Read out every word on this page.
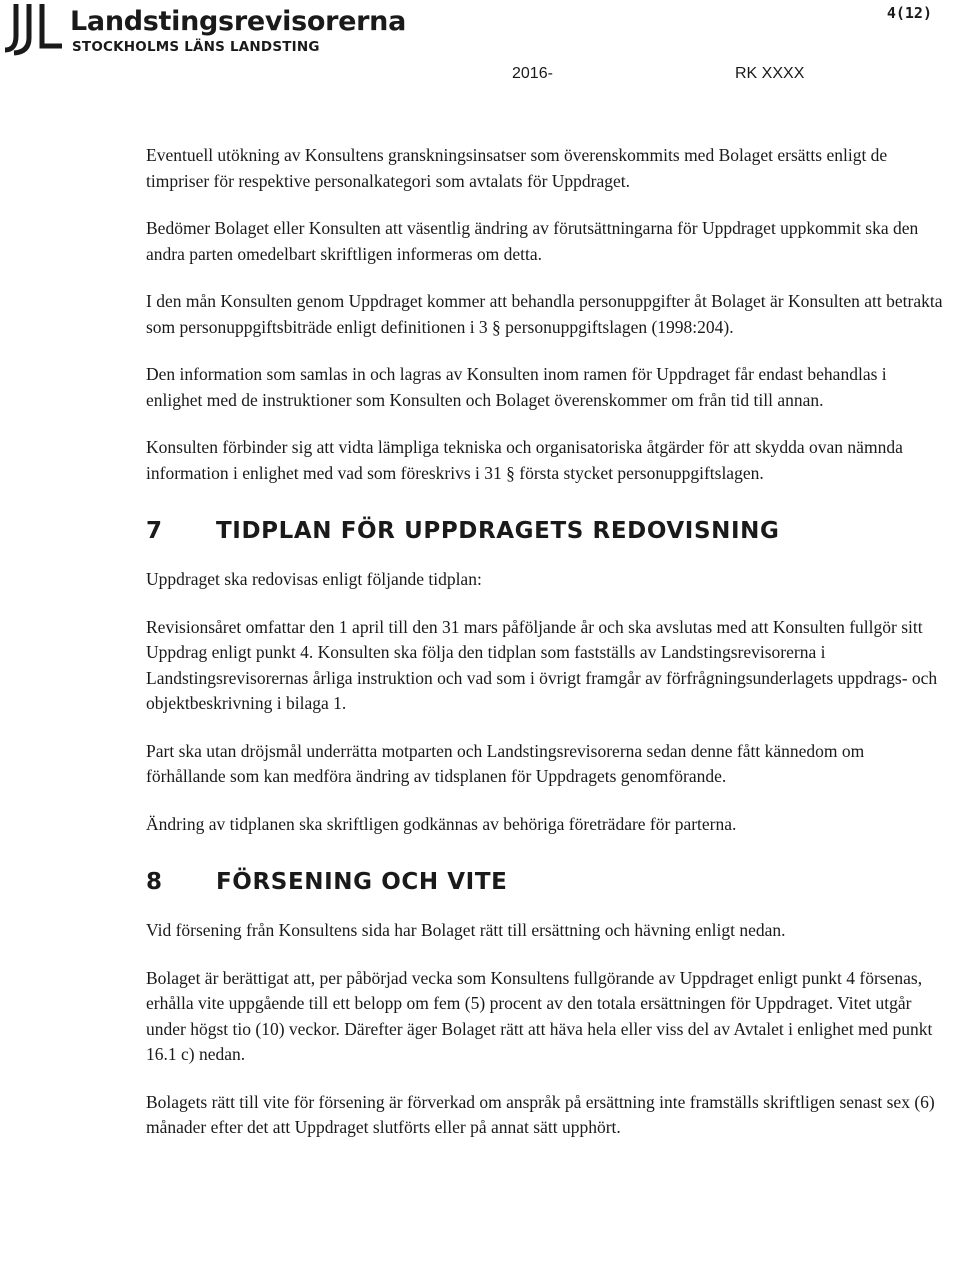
Landstingsrevisorerna
STOCKHOLMS LÄNS LANDSTING
4(12)
2016-	RK XXXX

Eventuell utökning av Konsultens granskningsinsatser som överenskommits med Bolaget ersätts enligt de timpriser för respektive personalkategori som avtalats för Uppdraget.

Bedömer Bolaget eller Konsulten att väsentlig ändring av förutsättningarna för Uppdraget uppkommit ska den andra parten omedelbart skriftligen informeras om detta.

I den mån Konsulten genom Uppdraget kommer att behandla personuppgifter åt Bolaget är Konsulten att betrakta som personuppgiftsbiträde enligt definitionen i 3 § personuppgiftslagen (1998:204).

Den information som samlas in och lagras av Konsulten inom ramen för Uppdraget får endast behandlas i enlighet med de instruktioner som Konsulten och Bolaget överenskommer om från tid till annan.

Konsulten förbinder sig att vidta lämpliga tekniska och organisatoriska åtgärder för att skydda ovan nämnda information i enlighet med vad som föreskrivs i 31 § första stycket personuppgiftslagen.

7 TIDPLAN FÖR UPPDRAGETS REDOVISNING

Uppdraget ska redovisas enligt följande tidplan:

Revisionsåret omfattar den 1 april till den 31 mars påföljande år och ska avslutas med att Konsulten fullgör sitt Uppdrag enligt punkt 4. Konsulten ska följa den tidplan som fastställs av Landstingsrevisorerna i Landstingsrevisorernas årliga instruktion och vad som i övrigt framgår av förfrågningsunderlagets uppdrags- och objektbeskrivning i bilaga 1.

Part ska utan dröjsmål underrätta motparten och Landstingsrevisorerna sedan denne fått kännedom om förhållande som kan medföra ändring av tidsplanen för Uppdragets genomförande.

Ändring av tidplanen ska skriftligen godkännas av behöriga företrädare för parterna.

8 FÖRSENING OCH VITE

Vid försening från Konsultens sida har Bolaget rätt till ersättning och hävning enligt nedan.

Bolaget är berättigat att, per påbörjad vecka som Konsultens fullgörande av Uppdraget enligt punkt 4 försenas, erhålla vite uppgående till ett belopp om fem (5) procent av den totala ersättningen för Uppdraget. Vitet utgår under högst tio (10) veckor. Därefter äger Bolaget rätt att häva hela eller viss del av Avtalet i enlighet med punkt 16.1 c) nedan.

Bolagets rätt till vite för försening är förverkad om anspråk på ersättning inte framställs skriftligen senast sex (6) månader efter det att Uppdraget slutförts eller på annat sätt upphört.
